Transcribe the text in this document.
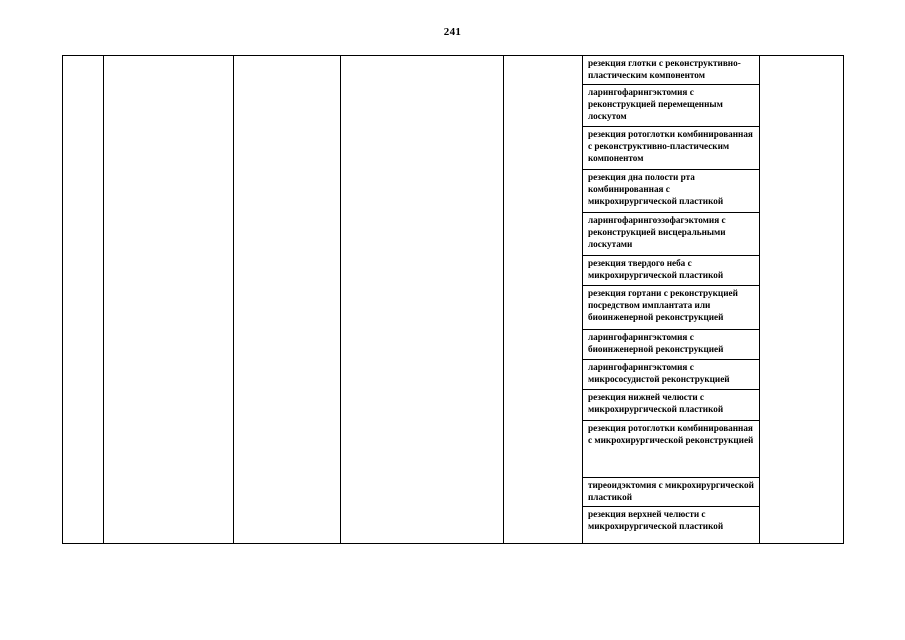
241
резекция глотки с реконструктивно-пластическим компонентом
ларингофарингэктомия с реконструкцией перемещенным лоскутом
резекция ротоглотки комбинированная с реконструктивно-пластическим компонентом
резекция дна полости рта комбинированная с микрохирургической пластикой
ларингофарингоэзофагэктомия с реконструкцией висцеральными лоскутами
резекция твердого неба с микрохирургической пластикой
резекция гортани с реконструкцией посредством имплантата или биоинженерной реконструкцией
ларингофарингэктомия с биоинженерной реконструкцией
ларингофарингэктомия с микрососудистой реконструкцией
резекция нижней челюсти с микрохирургической пластикой
резекция ротоглотки комбинированная с микрохирургической реконструкцией
тиреоидэктомия с микрохирургической пластикой
резекция верхней челюсти с микрохирургической пластикой
